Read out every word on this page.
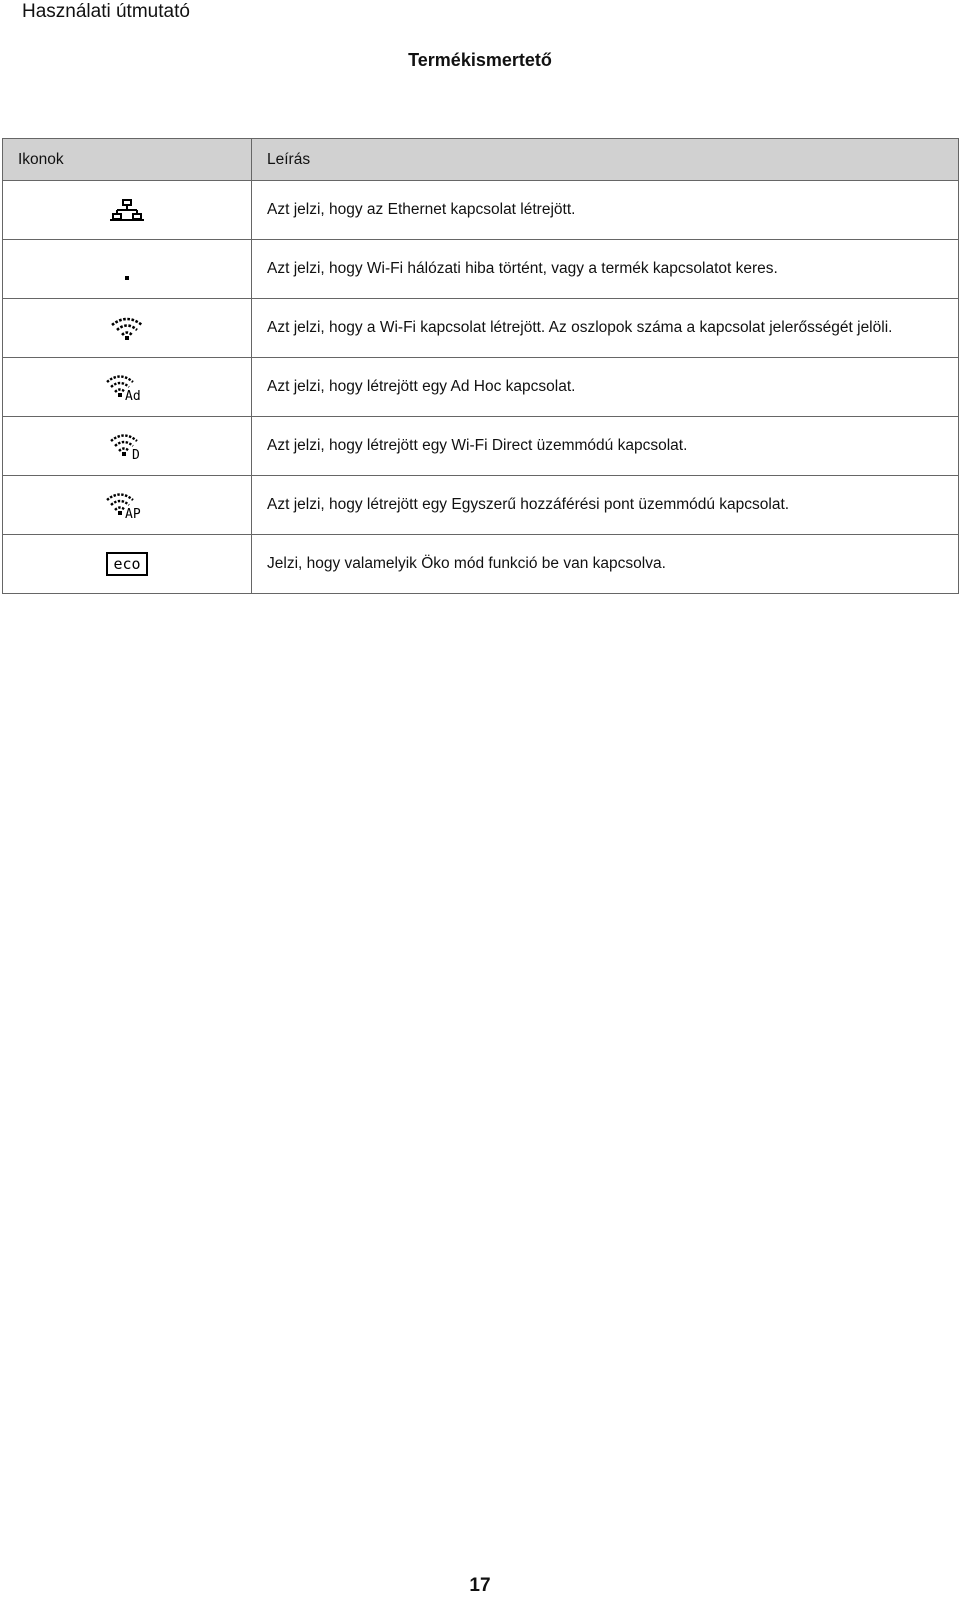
Használati útmutató
Termékismertető
Ikonok	Leírás
	Azt jelzi, hogy az Ethernet kapcsolat létrejött.
	Azt jelzi, hogy Wi-Fi hálózati hiba történt, vagy a termék kapcsolatot keres.
	Azt jelzi, hogy a Wi-Fi kapcsolat létrejött. Az oszlopok száma a kapcsolat jelerősségét jelöli.

Ad	Azt jelzi, hogy létrejött egy Ad Hoc kapcsolat.

D	Azt jelzi, hogy létrejött egy Wi-Fi Direct üzemmódú kapcsolat.

AP	Azt jelzi, hogy létrejött egy Egyszerű hozzáférési pont üzemmódú kapcsolat.

eco	Jelzi, hogy valamelyik Öko mód funkció be van kapcsolva.
17
